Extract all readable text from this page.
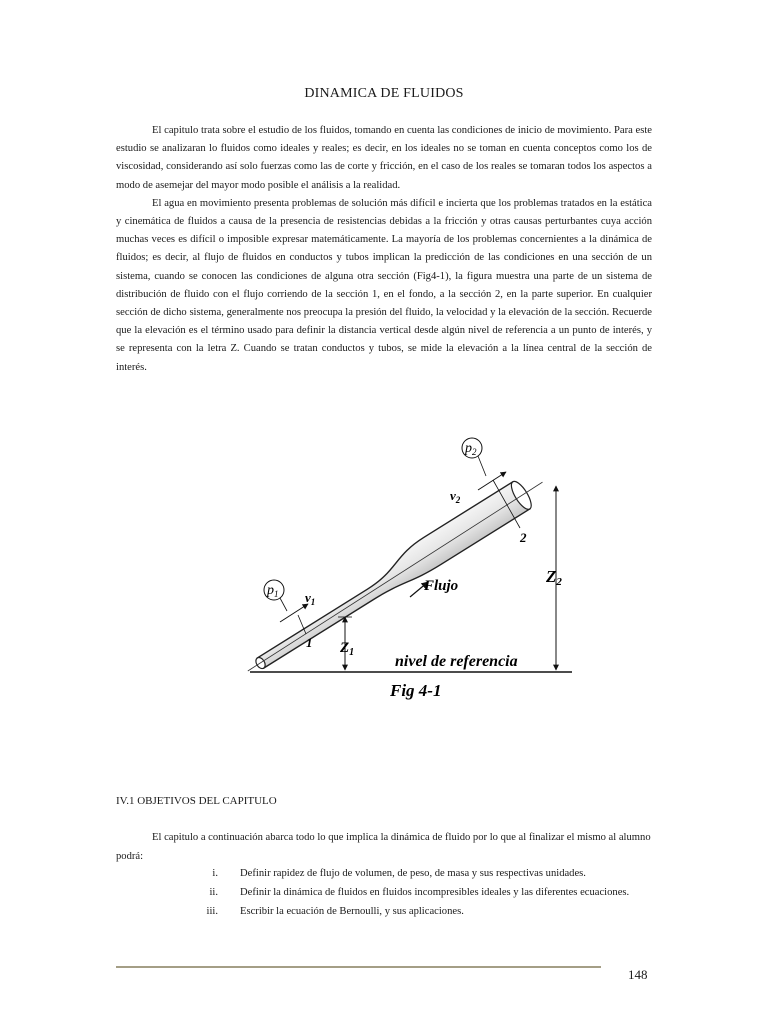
DINAMICA DE FLUIDOS

El capitulo trata sobre el estudio de los fluidos, tomando en cuenta las condiciones de inicio de movimiento. Para este estudio se analizaran lo fluidos como ideales y reales; es decir, en los ideales no se toman en cuenta conceptos como los de viscosidad, considerando así solo fuerzas como las de corte y fricción, en el caso de los reales se tomaran todos los aspectos a modo de asemejar del mayor modo posible el análisis a la realidad.

El agua en movimiento presenta problemas de solución más difícil e incierta que los problemas tratados en la estática y cinemática de fluidos a causa de la presencia de resistencias debidas a la fricción y otras causas perturbantes cuya acción muchas veces es difícil o imposible expresar matemáticamente. La mayoría de los problemas concernientes a la dinámica de fluidos; es decir, al flujo de fluidos en conductos y tubos implican la predicción de las condiciones en una sección de un sistema, cuando se conocen las condiciones de alguna otra sección (Fig4-1), la figura muestra una parte de un sistema de distribución de fluido con el flujo corriendo de la sección 1, en el fondo, a la sección 2, en la parte superior. En cualquier sección de dicho sistema, generalmente nos preocupa la presión del fluido, la velocidad y la elevación de la sección. Recuerde que la elevación es el término usado para definir la distancia vertical desde algún nivel de referencia a un punto de interés, y se representa con la letra Z. Cuando se tratan conductos y tubos, se mide la elevación a la línea central de la sección de interés.

$p_1$
$p_2$
$v_1$
$v_2$
1
2
$Z_1$
Z2
Flujo
nivel de referencia
Fig 4-1
IV.1 OBJETIVOS DEL CAPITULO

El capitulo a continuación abarca todo lo que implica la dinámica de fluido por lo que al finalizar el mismo al alumno podrá:

i. Definir rapidez de flujo de volumen, de peso, de masa y sus respectivas unidades.
ii. Definir la dinámica de fluidos en fluidos incompresibles ideales y las diferentes ecuaciones.
iii. Escribir la ecuación de Bernoulli, y sus aplicaciones.
148
